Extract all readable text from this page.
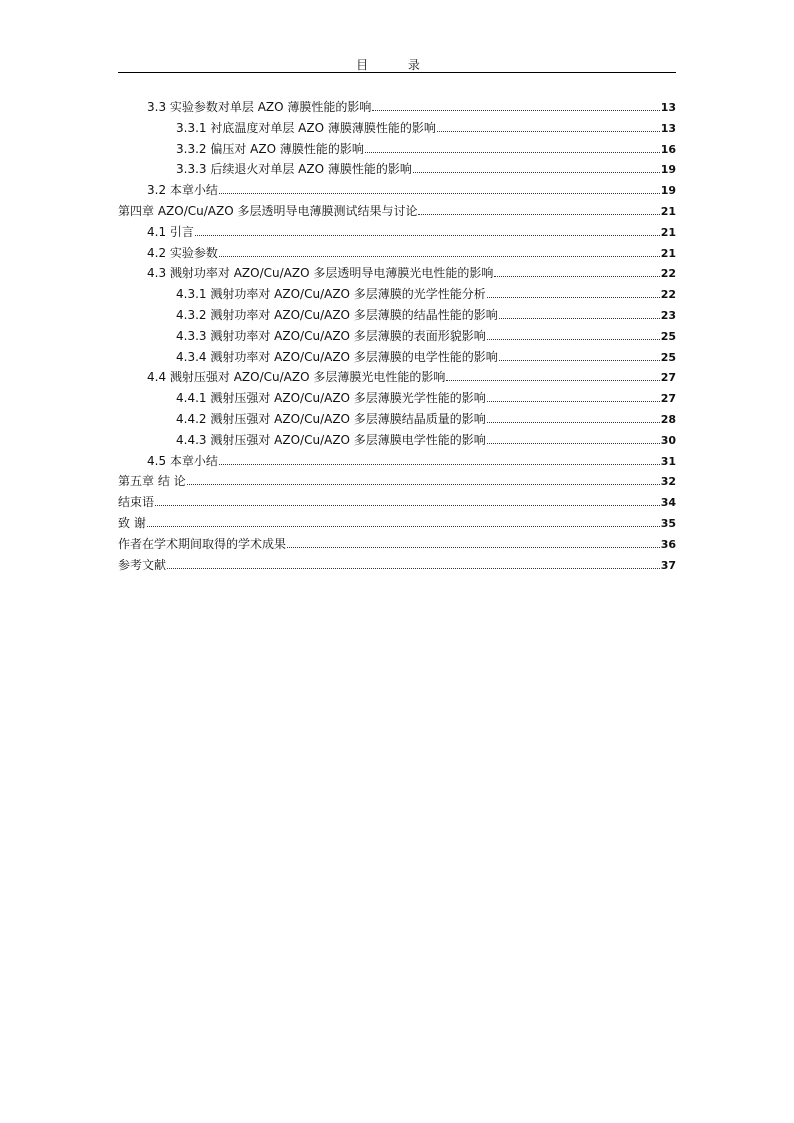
目 录
3.3 实验参数对单层 AZO 薄膜性能的影响	13
3.3.1 衬底温度对单层 AZO 薄膜薄膜性能的影响	13
3.3.2 偏压对 AZO 薄膜性能的影响	16
3.3.3 后续退火对单层 AZO 薄膜性能的影响	19
3.2 本章小结	19
第四章 AZO/Cu/AZO 多层透明导电薄膜测试结果与讨论	21
4.1 引言	21
4.2 实验参数	21
4.3 溅射功率对 AZO/Cu/AZO 多层透明导电薄膜光电性能的影响	22
4.3.1 溅射功率对 AZO/Cu/AZO 多层薄膜的光学性能分析	22
4.3.2 溅射功率对 AZO/Cu/AZO 多层薄膜的结晶性能的影响	23
4.3.3 溅射功率对 AZO/Cu/AZO 多层薄膜的表面形貌影响	25
4.3.4 溅射功率对 AZO/Cu/AZO 多层薄膜的电学性能的影响	25
4.4 溅射压强对 AZO/Cu/AZO 多层薄膜光电性能的影响	27
4.4.1 溅射压强对 AZO/Cu/AZO 多层薄膜光学性能的影响	27
4.4.2 溅射压强对 AZO/Cu/AZO 多层薄膜结晶质量的影响	28
4.4.3 溅射压强对 AZO/Cu/AZO 多层薄膜电学性能的影响	30
4.5 本章小结	31
第五章 结 论	32
结束语	34
致 谢	35
作者在学术期间取得的学术成果	36
参考文献	37
